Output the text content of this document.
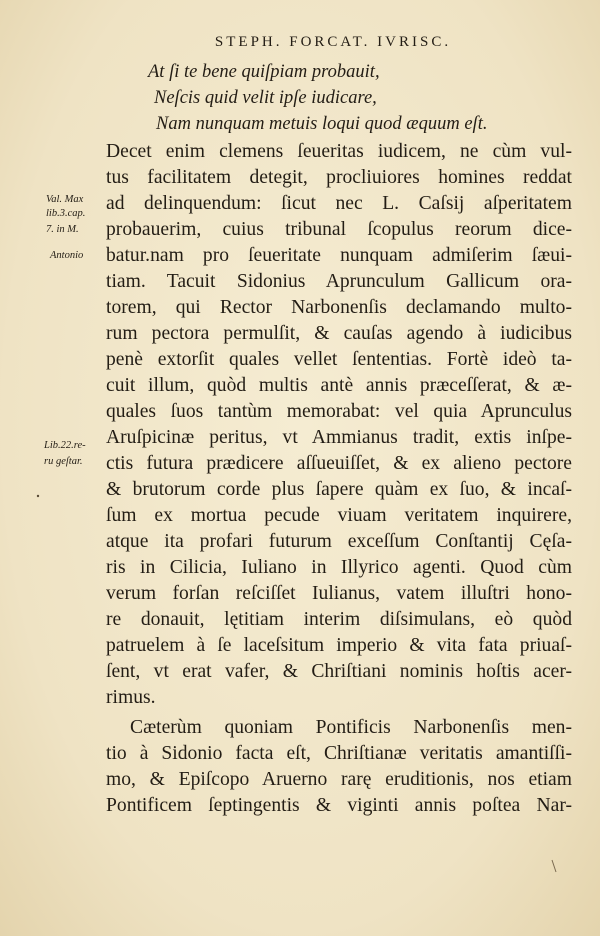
STEPH. FORCAT. IVRISC.
At ſi te bene quiſpiam probauit,
Neſcis quid velit ipſe iudicare,
Nam nunquam metuis loqui quod æquum eſt.
Decet enim clemens ſeueritas iudicem, ne cùm vul-
tus facilitatem detegit, procliuiores homines reddat
ad delinquendum: ſicut nec L. Caſsij aſperitatem
probauerim, cuius tribunal ſcopulus reorum dice-
batur.nam pro ſeueritate nunquam admiſerim ſæui-
tiam. Tacuit Sidonius Aprunculum Gallicum ora-
torem, qui Rector Narbonenſis declamando multo-
rum pectora permulſit, & cauſas agendo à iudicibus
penè extorſit quales vellet ſententias. Fortè ideò ta-
cuit illum, quòd multis antè annis præceſſerat, & æ-
quales ſuos tantùm memorabat: vel quia Aprunculus
Aruſpicinæ peritus, vt Ammianus tradit, extis inſpe-
ctis futura prædicere aſſueuiſſet, & ex alieno pectore
& brutorum corde plus ſapere quàm ex ſuo, & incaſ-
ſum ex mortua pecude viuam veritatem inquirere,
atque ita profari futurum exceſſum Conſtantij Cęſa-
ris in Cilicia, Iuliano in Illyrico agenti. Quod cùm
verum forſan reſciſſet Iulianus, vatem illuſtri hono-
re donauit, lętitiam interim diſsimulans, eò quòd
patruelem à ſe laceſsitum imperio & vita fata priuaſ-
ſent, vt erat vafer, & Chriſtiani nominis hoſtis acer-
rimus.
Cæterùm quoniam Pontificis Narbonenſis men-
tio à Sidonio facta eſt, Chriſtianæ veritatis amantiſſi-
mo, & Epiſcopo Aruerno rarę eruditionis, nos etiam
Pontificem ſeptingentis & viginti annis poſtea Nar-
Val. Max
lib.3.cap.
7. in M.
Antonio
Lib.22.re-
ru geſtar.
